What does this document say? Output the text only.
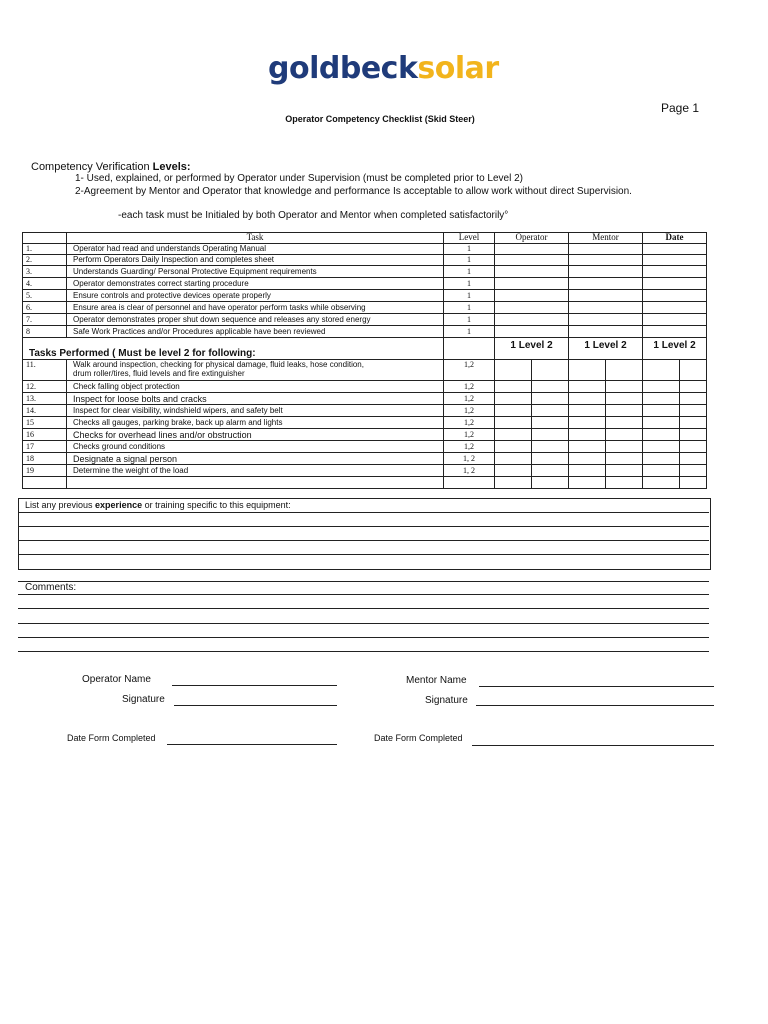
goldbecksolar
Page 1
Operator Competency Checklist (Skid Steer)
Competency Verification Levels:
1- Used, explained, or performed by Operator under Supervision (must be completed prior to Level 2)
2-Agreement by Mentor and Operator that knowledge and performance Is acceptable to allow work without direct Supervision.
-each task must be Initialed by both Operator and Mentor when completed satisfactorily°
	Task	Level	Operator		Mentor		Date	
1.	Operator had read and understands Operating Manual	1						
2.	Perform Operators Daily Inspection and completes sheet	1						
3.	Understands Guarding/ Personal Protective Equipment requirements	1						
4.	Operator demonstrates correct starting procedure	1						
5.	Ensure controls and protective devices operate properly	1						
6.	Ensure area is clear of personnel and have operator perform tasks while observing	1						
7.	Operator demonstrates proper shut down sequence and releases any stored energy	1						
8	Safe Work Practices and/or Procedures applicable have been reviewed	1						
Tasks Performed ( Must be level 2 for following:			1 Level 2		1 Level 2		1 Level 2	
11.	Walk around inspection, checking for physical damage, fluid leaks, hose condition,
drum roller/tires, fluid levels and fire extinguisher	1,2						
12.	Check falling object protection	1,2						
13.	Inspect for loose bolts and cracks	1,2						
14.	Inspect for clear visibility, windshield wipers, and safety belt	1,2						
15	Checks all gauges, parking brake, back up alarm and lights	1,2						
16	Checks for overhead lines and/or obstruction	1,2						
17	Checks ground conditions	1,2						
18	Designate a signal person	1, 2						
19	Determine the weight of the load	1, 2						

List any previous experience or training specific to this equipment:
Comments:
Operator Name
Signature
Mentor Name
Signature
Date Form Completed	Date Form Completed
